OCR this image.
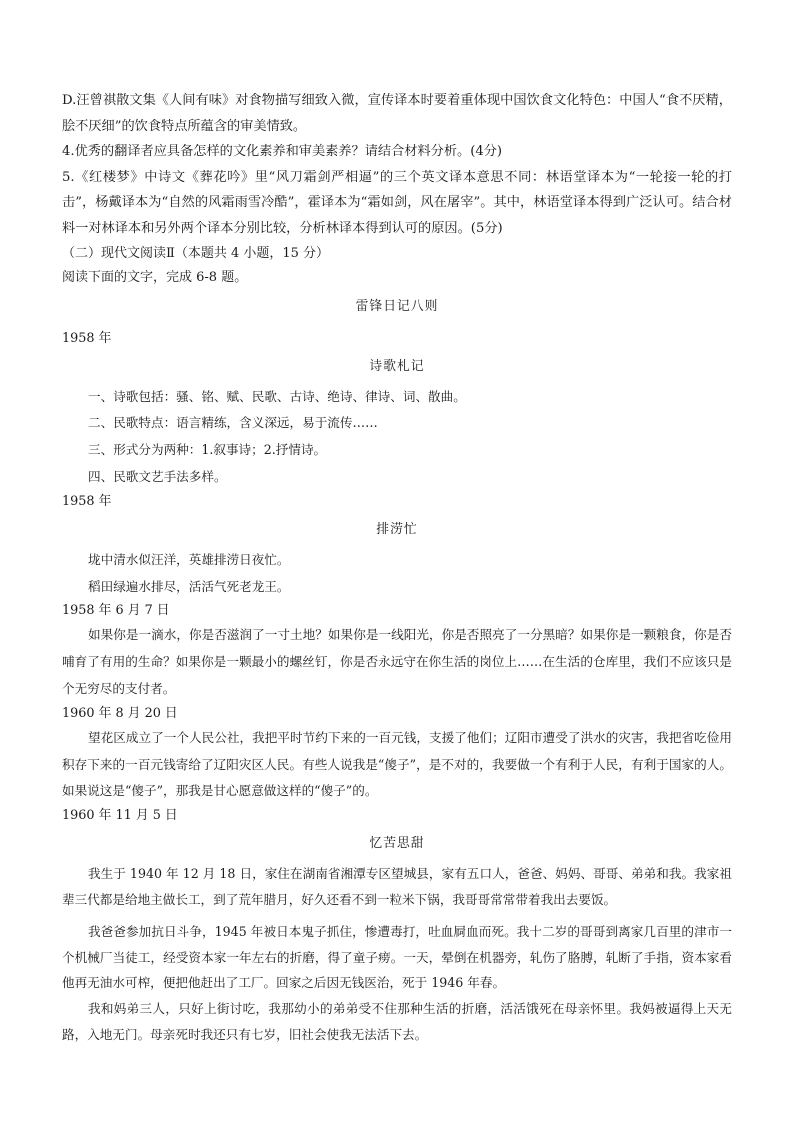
D.汪曾祺散文集《人间有味》对食物描写细致入微，宣传译本时要着重体现中国饮食文化特色：中国人“食不厌精，脍不厌细”的饮食特点所蕴含的审美情致。

4.优秀的翻译者应具备怎样的文化素养和审美素养？请结合材料分析。(4分)

5.《红楼梦》中诗文《葬花吟》里“风刀霜剑严相逼”的三个英文译本意思不同：林语堂译本为“一轮接一轮的打击”，杨戴译本为“自然的风霜雨雪冷酷”，霍译本为“霜如剑，风在屠宰”。其中，林语堂译本得到广泛认可。结合材料一对林译本和另外两个译本分别比较，分析林译本得到认可的原因。(5分)

（二）现代文阅读Ⅱ（本题共 4 小题，15 分）

阅读下面的文字，完成 6-8 题。

雷锋日记八则

1958 年

诗歌札记

一、诗歌包括：骚、铭、赋、民歌、古诗、绝诗、律诗、词、散曲。

二、民歌特点：语言精练，含义深远，易于流传……

三、形式分为两种：1.叙事诗；2.抒情诗。

四、民歌文艺手法多样。

1958 年

排涝忙

垅中清水似汪洋，英雄排涝日夜忙。

稻田绿遍水排尽，活活气死老龙王。

1958 年 6 月 7 日

如果你是一滴水，你是否滋润了一寸土地？如果你是一线阳光，你是否照亮了一分黑暗？如果你是一颗粮食，你是否哺育了有用的生命？如果你是一颗最小的螺丝钉，你是否永远守在你生活的岗位上……在生活的仓库里，我们不应该只是个无穷尽的支付者。

1960 年 8 月 20 日

望花区成立了一个人民公社，我把平时节约下来的一百元钱，支援了他们；辽阳市遭受了洪水的灾害，我把省吃俭用积存下来的一百元钱寄给了辽阳灾区人民。有些人说我是“傻子”，是不对的，我要做一个有利于人民，有利于国家的人。如果说这是“傻子”，那我是甘心愿意做这样的“傻子”的。

1960 年 11 月 5 日

忆苦思甜

我生于 1940 年 12 月 18 日，家住在湖南省湘潭专区望城县，家有五口人，爸爸、妈妈、哥哥、弟弟和我。我家祖辈三代都是给地主做长工，到了荒年腊月，好久还看不到一粒米下锅，我哥哥常常带着我出去要饭。

我爸爸参加抗日斗争，1945 年被日本鬼子抓住，惨遭毒打，吐血屙血而死。我十二岁的哥哥到离家几百里的津市一个机械厂当徒工，经受资本家一年左右的折磨，得了童子痨。一天，晕倒在机器旁，轧伤了胳膊，轧断了手指，资本家看他再无油水可榨，便把他赶出了工厂。回家之后因无钱医治，死于 1946 年春。

我和妈弟三人，只好上街讨吃，我那幼小的弟弟受不住那种生活的折磨，活活饿死在母亲怀里。我妈被逼得上天无路，入地无门。母亲死时我还只有七岁，旧社会使我无法活下去。
